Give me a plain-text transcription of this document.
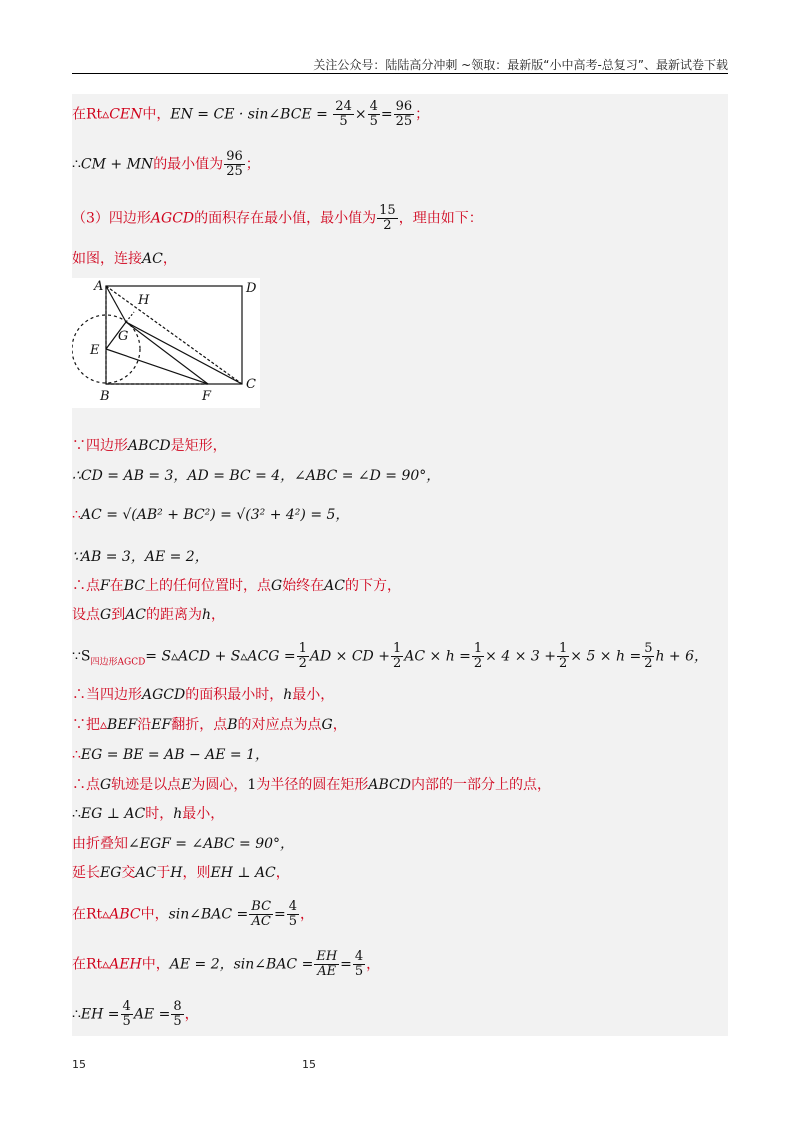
关注公众号：陆陆高分冲刺 ~领取：最新版“小中高考-总复习”、最新试卷下载
在Rt▵CEN中，EN = CE · sin∠BCE = $\frac{24}{5} \times \frac{4}{5} = \frac{96}{25}$ ；
∴CM + MN的最小值为 $\frac{96}{25}$ ；
（3）四边形AGCD的面积存在最小值，最小值为 $\frac{15}{2}$ ，理由如下：
如图，连接AC，
A
H
D
G
E
B	F
C
∵四边形ABCD是矩形，
∴CD = AB = 3，AD = BC = 4，∠ABC = ∠D = 90°，
∴AC = √(AB² + BC²) = √(3² + 4²) = 5，
∵AB = 3，AE = 2，
∴点F在BC上的任何位置时，点G始终在AC的下方，
设点G到AC的距离为h，
$\because S_{四边形AGCD}=$ S▵ACD + S▵ACG = $\frac{1}{2}$ AD × CD + $\frac{1}{2}$ AC × $h = \frac{1}{2} \times 4 \times 3 + \frac{1}{2} \times 5 \times h = \frac{5}{2}$ h + 6，
∴当四边形AGCD的面积最小时，h最小，
∵把▵BEF沿EF翻折，点B的对应点为点G，
∴EG = BE = AB − AE = 1，
∴点G轨迹是以点E为圆心，1为半径的圆在矩形ABCD内部的一部分上的点，
∴EG ⊥ AC时，h最小，
由折叠知∠EGF = ∠ABC = 90°，
延长EG交AC于H，则EH ⊥ AC，
在Rt▵ABC中，sin∠BAC = $\frac{BC}{AC} = \frac{4}{5}$ ，
在Rt▵AEH中，AE = 2，sin∠BAC = $\frac{EH}{AE} = \frac{4}{5}$ ，
∴EH = $\frac{4}{5}$ AE = $\frac{8}{5}$ ，
15	15
